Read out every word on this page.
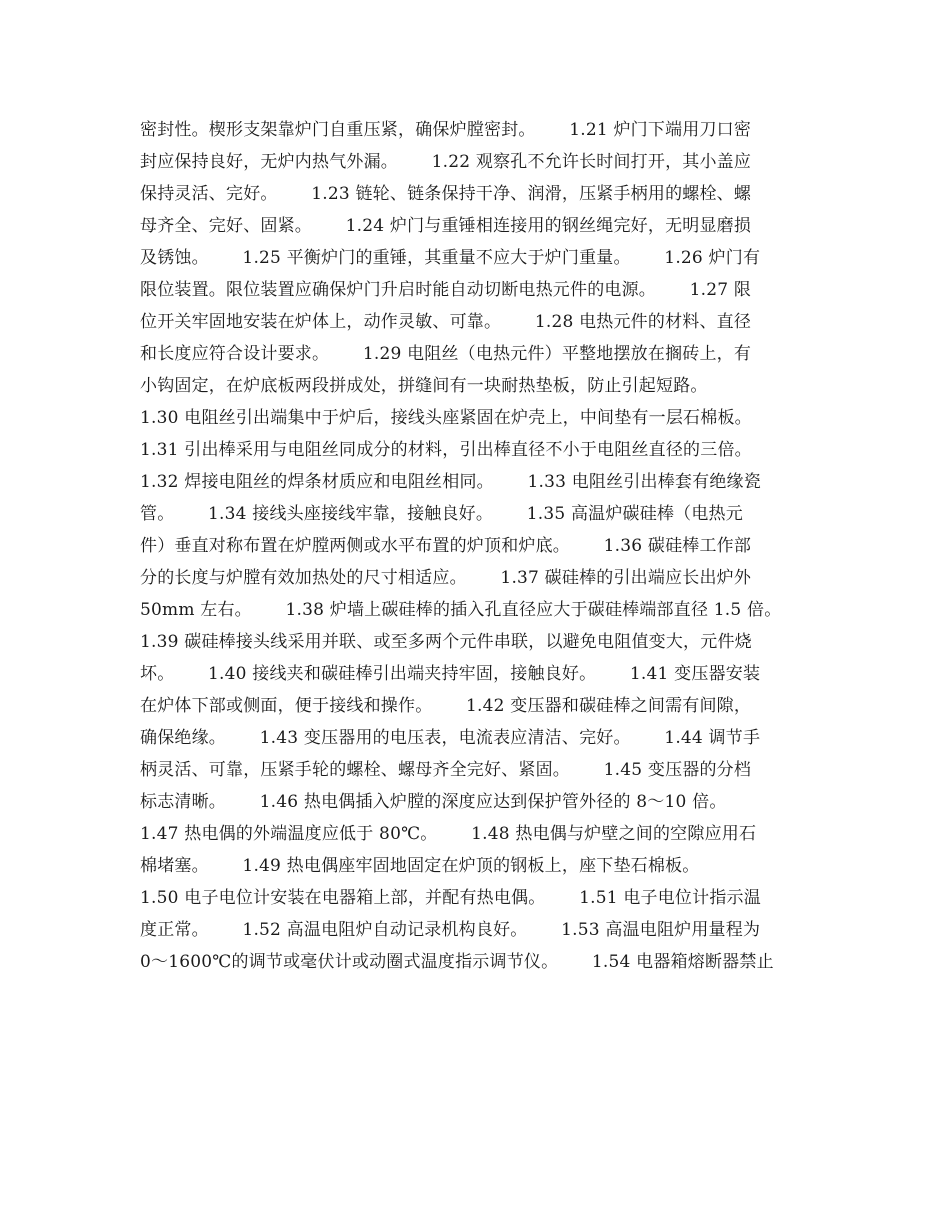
密封性。楔形支架靠炉门自重压紧，确保炉膛密封。      1.21 炉门下端用刀口密
封应保持良好，无炉内热气外漏。      1.22 观察孔不允许长时间打开，其小盖应
保持灵活、完好。      1.23 链轮、链条保持干净、润滑，压紧手柄用的螺栓、螺
母齐全、完好、固紧。      1.24 炉门与重锤相连接用的钢丝绳完好，无明显磨损
及锈蚀。      1.25 平衡炉门的重锤，其重量不应大于炉门重量。      1.26 炉门有
限位装置。限位装置应确保炉门升启时能自动切断电热元件的电源。      1.27 限
位开关牢固地安装在炉体上，动作灵敏、可靠。      1.28 电热元件的材料、直径
和长度应符合设计要求。      1.29 电阻丝（电热元件）平整地摆放在搁砖上，有
小钩固定，在炉底板两段拼成处，拼缝间有一块耐热垫板，防止引起短路。
1.30 电阻丝引出端集中于炉后，接线头座紧固在炉壳上，中间垫有一层石棉板。
1.31 引出棒采用与电阻丝同成分的材料，引出棒直径不小于电阻丝直径的三倍。
1.32 焊接电阻丝的焊条材质应和电阻丝相同。      1.33 电阻丝引出棒套有绝缘瓷
管。      1.34 接线头座接线牢靠，接触良好。      1.35 高温炉碳硅棒（电热元
件）垂直对称布置在炉膛两侧或水平布置的炉顶和炉底。      1.36 碳硅棒工作部
分的长度与炉膛有效加热处的尺寸相适应。      1.37 碳硅棒的引出端应长出炉外
50mm 左右。      1.38 炉墙上碳硅棒的插入孔直径应大于碳硅棒端部直径 1.5 倍。
1.39 碳硅棒接头线采用并联、或至多两个元件串联，以避免电阻值变大，元件烧
坏。      1.40 接线夹和碳硅棒引出端夹持牢固，接触良好。      1.41 变压器安装
在炉体下部或侧面，便于接线和操作。      1.42 变压器和碳硅棒之间需有间隙，
确保绝缘。      1.43 变压器用的电压表，电流表应清洁、完好。      1.44 调节手
柄灵活、可靠，压紧手轮的螺栓、螺母齐全完好、紧固。      1.45 变压器的分档
标志清晰。      1.46 热电偶插入炉膛的深度应达到保护管外径的 8～10 倍。
1.47 热电偶的外端温度应低于 80℃。      1.48 热电偶与炉壁之间的空隙应用石
棉堵塞。      1.49 热电偶座牢固地固定在炉顶的钢板上，座下垫石棉板。
1.50 电子电位计安装在电器箱上部，并配有热电偶。      1.51 电子电位计指示温
度正常。      1.52 高温电阻炉自动记录机构良好。      1.53 高温电阻炉用量程为
0～1600℃的调节或毫伏计或动圈式温度指示调节仪。      1.54 电器箱熔断器禁止
